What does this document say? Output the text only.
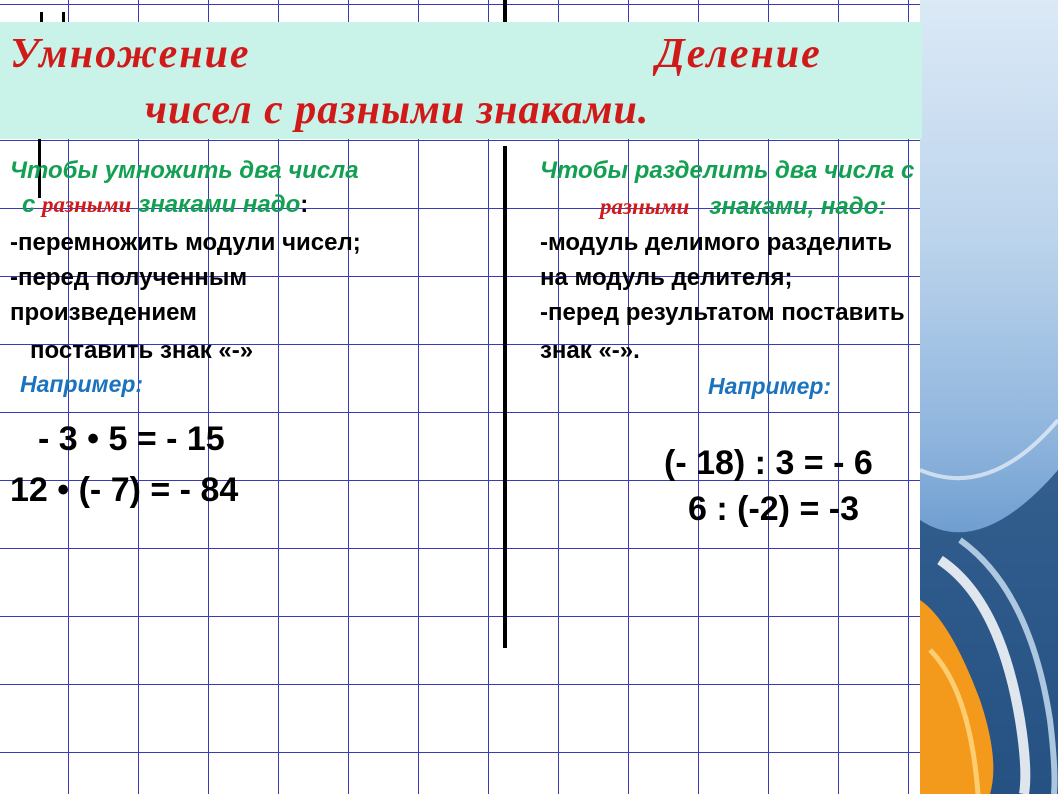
Умножение	Деление
чисел с разными знаками.

Чтобы умножить два числа

с разными знаками надо:

-перемножить модули чисел;

-перед полученным

произведением

поставить знак «-»

Например:

- 3 • 5 = - 15

12 • (- 7) = - 84

Чтобы разделить два числа с

разными знаками, надо:

-модуль делимого разделить

на модуль делителя;

-перед результатом поставить

знак «-».

Например:

(- 18) : 3 = - 6

6 : (-2) = -3
